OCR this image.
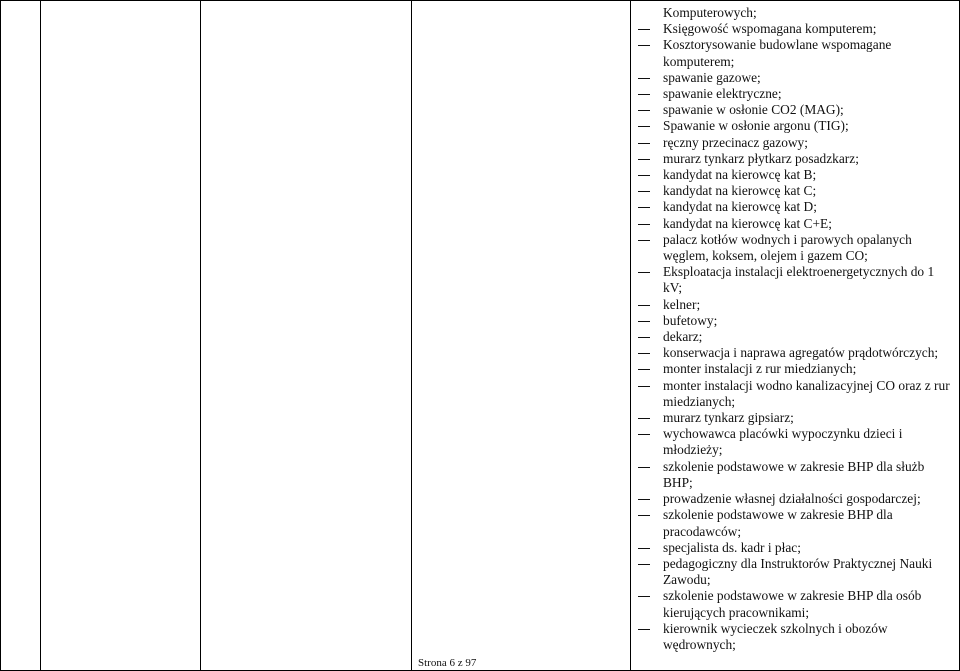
Komputerowych;
Księgowość wspomagana komputerem;
Kosztorysowanie budowlane wspomagane komputerem;
spawanie gazowe;
spawanie elektryczne;
spawanie w osłonie CO2 (MAG);
Spawanie w osłonie argonu (TIG);
ręczny przecinacz gazowy;
murarz tynkarz płytkarz posadzkarz;
kandydat na kierowcę kat B;
kandydat na kierowcę kat C;
kandydat na kierowcę kat D;
kandydat na kierowcę kat C+E;
palacz kotłów wodnych i parowych opalanych węglem, koksem, olejem i gazem CO;
Eksploatacja instalacji elektroenergetycznych do 1 kV;
kelner;
bufetowy;
dekarz;
konserwacja i naprawa agregatów prądotwórczych;
monter instalacji z rur miedzianych;
monter instalacji wodno kanalizacyjnej CO oraz z rur miedzianych;
murarz tynkarz gipsiarz;
wychowawca placówki wypoczynku dzieci i młodzieży;
szkolenie podstawowe w zakresie BHP dla służb BHP;
prowadzenie własnej działalności gospodarczej;
szkolenie podstawowe w zakresie BHP dla pracodawców;
specjalista ds. kadr i płac;
pedagogiczny dla Instruktorów Praktycznej Nauki Zawodu;
szkolenie podstawowe w zakresie BHP dla osób kierujących pracownikami;
kierownik wycieczek szkolnych i obozów wędrownych;
Strona 6 z 97
